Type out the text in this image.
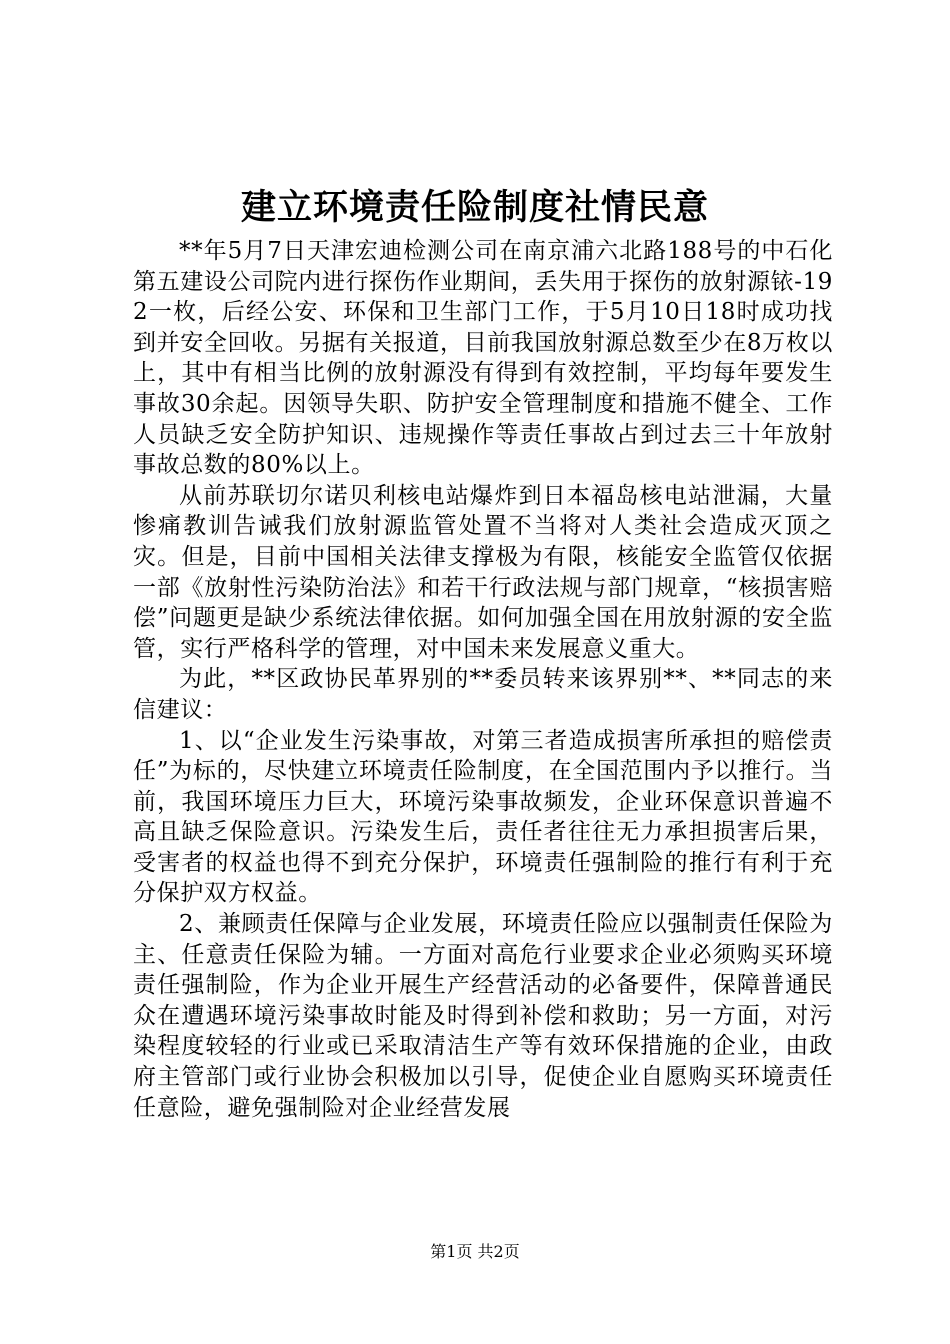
建立环境责任险制度社情民意

**年5月7日天津宏迪检测公司在南京浦六北路188号的中石化第五建设公司院内进行探伤作业期间，丢失用于探伤的放射源铱-192一枚，后经公安、环保和卫生部门工作，于5月10日18时成功找到并安全回收。另据有关报道，目前我国放射源总数至少在8万枚以上，其中有相当比例的放射源没有得到有效控制，平均每年要发生事故30余起。因领导失职、防护安全管理制度和措施不健全、工作人员缺乏安全防护知识、违规操作等责任事故占到过去三十年放射事故总数的80%以上。

从前苏联切尔诺贝利核电站爆炸到日本福岛核电站泄漏，大量惨痛教训告诫我们放射源监管处置不当将对人类社会造成灭顶之灾。但是，目前中国相关法律支撑极为有限，核能安全监管仅依据一部《放射性污染防治法》和若干行政法规与部门规章，“核损害赔偿”问题更是缺少系统法律依据。如何加强全国在用放射源的安全监管，实行严格科学的管理，对中国未来发展意义重大。

为此，**区政协民革界别的**委员转来该界别**、**同志的来信建议：

1、以“企业发生污染事故，对第三者造成损害所承担的赔偿责任”为标的，尽快建立环境责任险制度，在全国范围内予以推行。当前，我国环境压力巨大，环境污染事故频发，企业环保意识普遍不高且缺乏保险意识。污染发生后，责任者往往无力承担损害后果，受害者的权益也得不到充分保护，环境责任强制险的推行有利于充分保护双方权益。

2、兼顾责任保障与企业发展，环境责任险应以强制责任保险为主、任意责任保险为辅。一方面对高危行业要求企业必须购买环境责任强制险，作为企业开展生产经营活动的必备要件，保障普通民众在遭遇环境污染事故时能及时得到补偿和救助；另一方面，对污染程度较轻的行业或已采取清洁生产等有效环保措施的企业，由政府主管部门或行业协会积极加以引导，促使企业自愿购买环境责任任意险，避免强制险对企业经营发展

第1页 共2页
